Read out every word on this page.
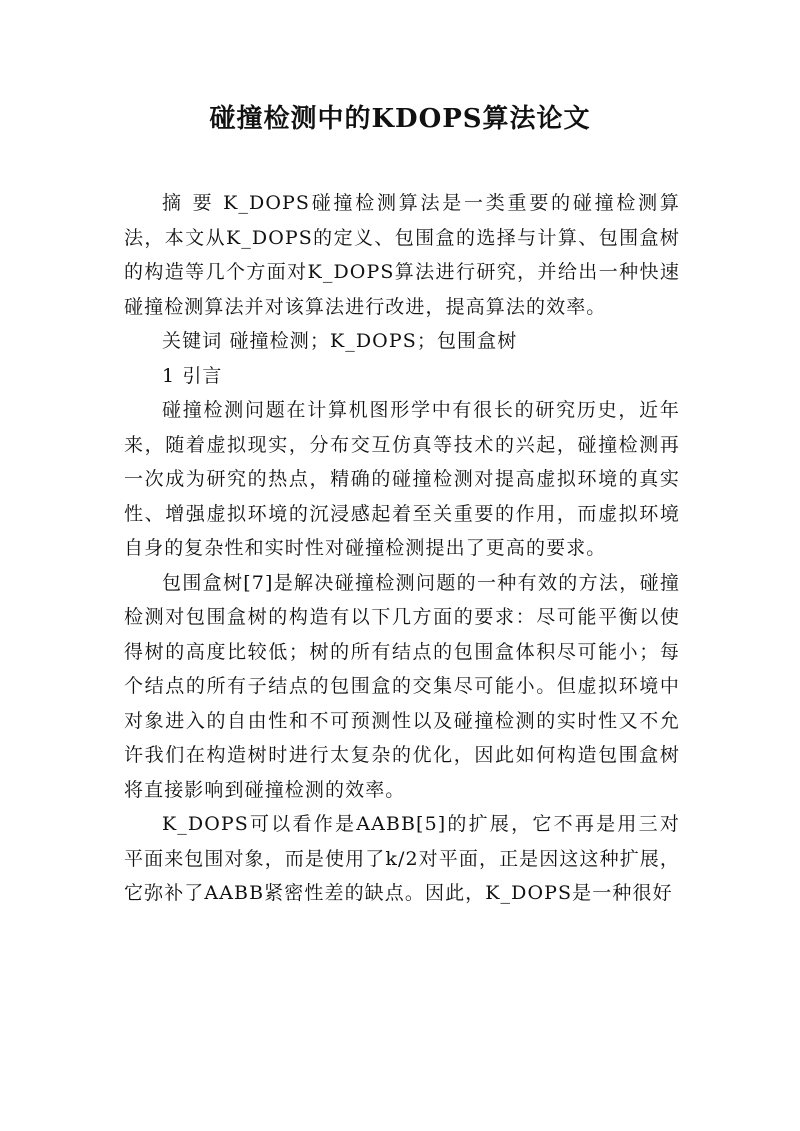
碰撞检测中的KDOPS算法论文

摘 要 K_DOPS碰撞检测算法是一类重要的碰撞检测算法，本文从K_DOPS的定义、包围盒的选择与计算、包围盒树的构造等几个方面对K_DOPS算法进行研究，并给出一种快速碰撞检测算法并对该算法进行改进，提高算法的效率。

关键词 碰撞检测；K_DOPS；包围盒树

1 引言

碰撞检测问题在计算机图形学中有很长的研究历史，近年来，随着虚拟现实，分布交互仿真等技术的兴起，碰撞检测再一次成为研究的热点，精确的碰撞检测对提高虚拟环境的真实性、增强虚拟环境的沉浸感起着至关重要的作用，而虚拟环境自身的复杂性和实时性对碰撞检测提出了更高的要求。

包围盒树[7]是解决碰撞检测问题的一种有效的方法，碰撞检测对包围盒树的构造有以下几方面的要求：尽可能平衡以使得树的高度比较低；树的所有结点的包围盒体积尽可能小；每个结点的所有子结点的包围盒的交集尽可能小。但虚拟环境中对象进入的自由性和不可预测性以及碰撞检测的实时性又不允许我们在构造树时进行太复杂的优化，因此如何构造包围盒树将直接影响到碰撞检测的效率。

K_DOPS可以看作是AABB[5]的扩展，它不再是用三对平面来包围对象，而是使用了k/2对平面，正是因这这种扩展，它弥补了AABB紧密性差的缺点。因此，K_DOPS是一种很好
